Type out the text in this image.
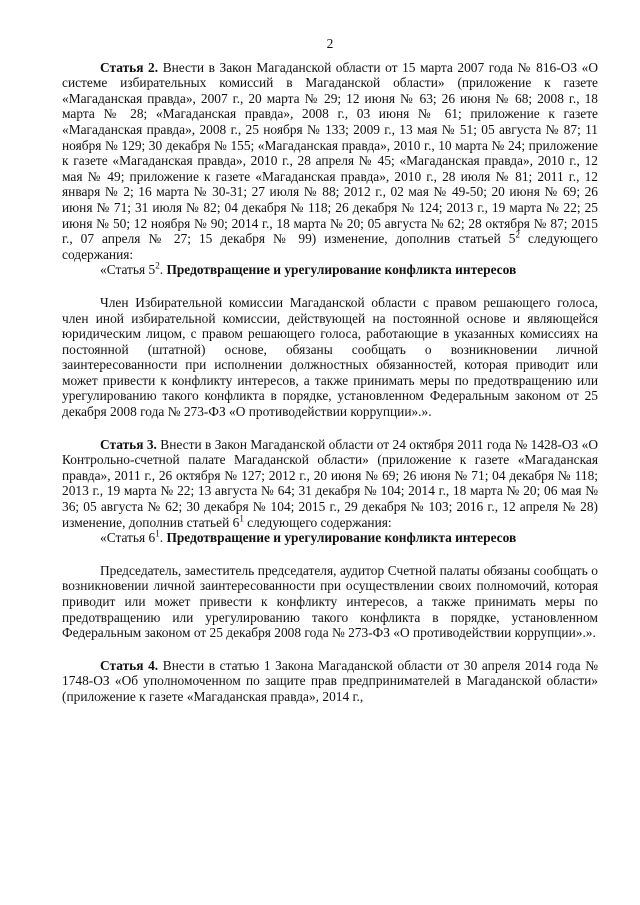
2

Статья 2. Внести в Закон Магаданской области от 15 марта 2007 года № 816-ОЗ «О системе избирательных комиссий в Магаданской области» (приложение к газете «Магаданская правда», 2007 г., 20 марта № 29; 12 июня № 63; 26 июня № 68; 2008 г., 18 марта № 28; «Магаданская правда», 2008 г., 03 июня № 61; приложение к газете «Магаданская правда», 2008 г., 25 ноября № 133; 2009 г., 13 мая № 51; 05 августа № 87; 11 ноября № 129; 30 декабря № 155; «Магаданская правда», 2010 г., 10 марта № 24; приложение к газете «Магаданская правда», 2010 г., 28 апреля № 45; «Магаданская правда», 2010 г., 12 мая № 49; приложение к газете «Магаданская правда», 2010 г., 28 июля № 81; 2011 г., 12 января № 2; 16 марта № 30-31; 27 июля № 88; 2012 г., 02 мая № 49-50; 20 июня № 69; 26 июня № 71; 31 июля № 82; 04 декабря № 118; 26 декабря № 124; 2013 г., 19 марта № 22; 25 июня № 50; 12 ноября № 90; 2014 г., 18 марта № 20; 05 августа № 62; 28 октября № 87; 2015 г., 07 апреля № 27; 15 декабря № 99) изменение, дополнив статьей $5^2$ следующего содержания:

«Статья $5^2$. Предотвращение и урегулирование конфликта интересов

Член Избирательной комиссии Магаданской области с правом решающего голоса, член иной избирательной комиссии, действующей на постоянной основе и являющейся юридическим лицом, с правом решающего голоса, работающие в указанных комиссиях на постоянной (штатной) основе, обязаны сообщать о возникновении личной заинтересованности при исполнении должностных обязанностей, которая приводит или может привести к конфликту интересов, а также принимать меры по предотвращению или урегулированию такого конфликта в порядке, установленном Федеральным законом от 25 декабря 2008 года № 273-ФЗ «О противодействии коррупции».».

Статья 3. Внести в Закон Магаданской области от 24 октября 2011 года № 1428-ОЗ «О Контрольно-счетной палате Магаданской области» (приложение к газете «Магаданская правда», 2011 г., 26 октября № 127; 2012 г., 20 июня № 69; 26 июня № 71; 04 декабря № 118; 2013 г., 19 марта № 22; 13 августа № 64; 31 декабря № 104; 2014 г., 18 марта № 20; 06 мая № 36; 05 августа № 62; 30 декабря № 104; 2015 г., 29 декабря № 103; 2016 г., 12 апреля № 28) изменение, дополнив статьей $6^1$ следующего содержания:

«Статья $6^1$. Предотвращение и урегулирование конфликта интересов

Председатель, заместитель председателя, аудитор Счетной палаты обязаны сообщать о возникновении личной заинтересованности при осуществлении своих полномочий, которая приводит или может привести к конфликту интересов, а также принимать меры по предотвращению или урегулированию такого конфликта в порядке, установленном Федеральным законом от 25 декабря 2008 года № 273-ФЗ «О противодействии коррупции».».

Статья 4. Внести в статью 1 Закона Магаданской области от 30 апреля 2014 года № 1748-ОЗ «Об уполномоченном по защите прав предпринимателей в Магаданской области» (приложение к газете «Магаданская правда», 2014 г.,
